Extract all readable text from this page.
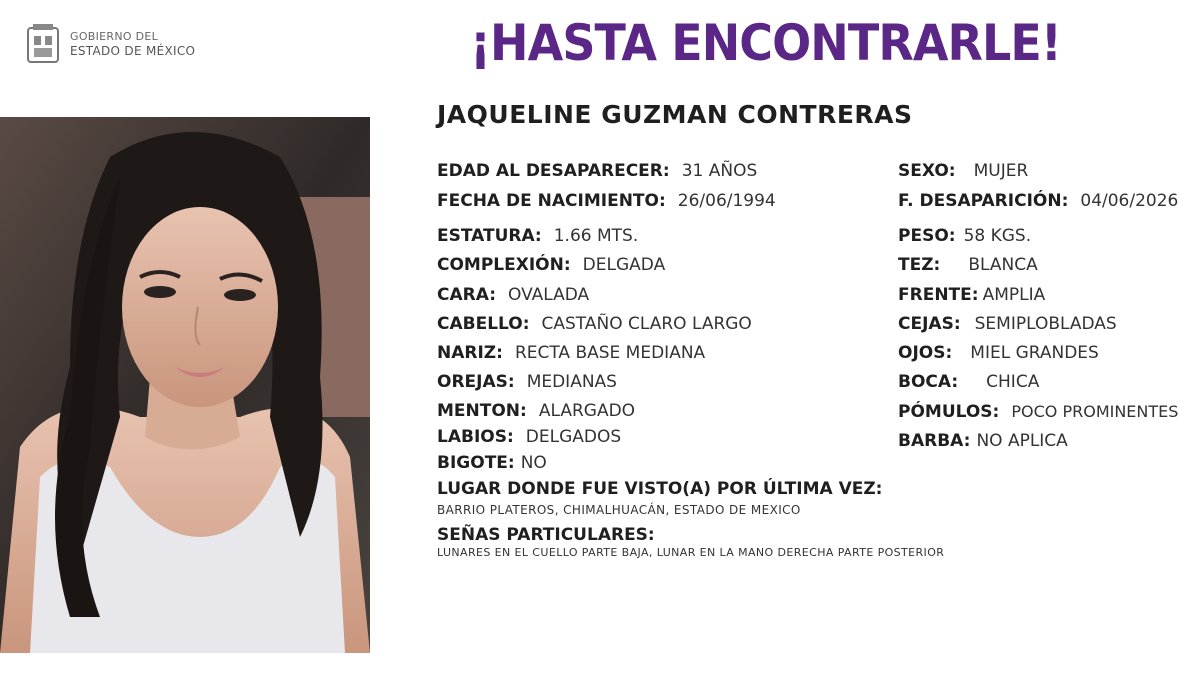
GOBIERNO DEL
ESTADO DE MÉXICO	¡HASTA ENCONTRARLE!
JAQUELINE GUZMAN CONTRERAS
EDAD AL DESAPARECER: 31 AÑOS
FECHA DE NACIMIENTO: 26/06/1994
ESTATURA: 1.66 MTS.
COMPLEXIÓN: DELGADA
CARA: OVALADA
CABELLO: CASTAÑO CLARO LARGO
NARIZ: RECTA BASE MEDIANA
OREJAS: MEDIANAS
MENTON: ALARGADO
LABIOS: DELGADOS
BIGOTE: NO
SEXO: MUJER
F. DESAPARICIÓN: 04/06/2026
PESO: 58 KGS.
TEZ: BLANCA
FRENTE: AMPLIA
CEJAS: SEMIPLOBLADAS
OJOS: MIEL GRANDES
BOCA: CHICA
PÓMULOS: POCO PROMINENTES
BARBA: NO APLICA
LUGAR DONDE FUE VISTO(A) POR ÚLTIMA VEZ:
BARRIO PLATEROS, CHIMALHUACÁN, ESTADO DE MEXICO
SEÑAS PARTICULARES:
LUNARES EN EL CUELLO PARTE BAJA, LUNAR EN LA MANO DERECHA PARTE POSTERIOR
